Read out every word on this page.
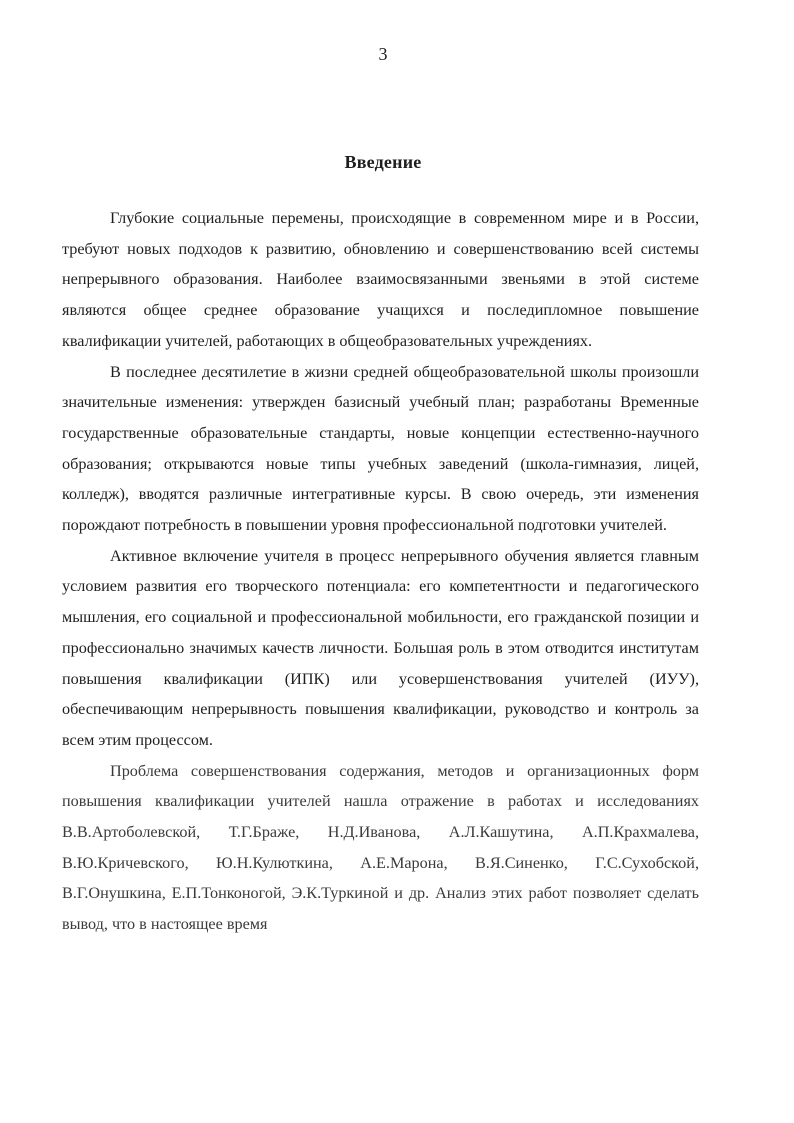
3
Введение

Глубокие социальные перемены, происходящие в современном мире и в России, требуют новых подходов к развитию, обновлению и совершенствованию всей системы непрерывного образования. Наиболее взаимосвязанными звеньями в этой системе являются общее среднее образование учащихся и последипломное повышение квалификации учителей, работающих в общеобразовательных учреждениях.

В последнее десятилетие в жизни средней общеобразовательной школы произошли значительные изменения: утвержден базисный учебный план; разработаны Временные государственные образовательные стандарты, новые концепции естественно-научного образования; открываются новые типы учебных заведений (школа-гимназия, лицей, колледж), вводятся различные интегративные курсы. В свою очередь, эти изменения порождают потребность в повышении уровня профессиональной подготовки учителей.

Активное включение учителя в процесс непрерывного обучения является главным условием развития его творческого потенциала: его компетентности и педагогического мышления, его социальной и профессиональной мобильности, его гражданской позиции и профессионально значимых качеств личности. Большая роль в этом отводится институтам повышения квалификации (ИПК) или усовершенствования учителей (ИУУ), обеспечивающим непрерывность повышения квалификации, руководство и контроль за всем этим процессом.

Проблема совершенствования содержания, методов и организационных форм повышения квалификации учителей нашла отражение в работах и исследованиях В.В.Артоболевской, Т.Г.Браже, Н.Д.Иванова, А.Л.Кашутина, А.П.Крахмалева, В.Ю.Кричевского, Ю.Н.Кулюткина, А.Е.Марона, В.Я.Синенко, Г.С.Сухобской, В.Г.Онушкина, Е.П.Тонконогой, Э.К.Туркиной и др. Анализ этих работ позволяет сделать вывод, что в настоящее время
